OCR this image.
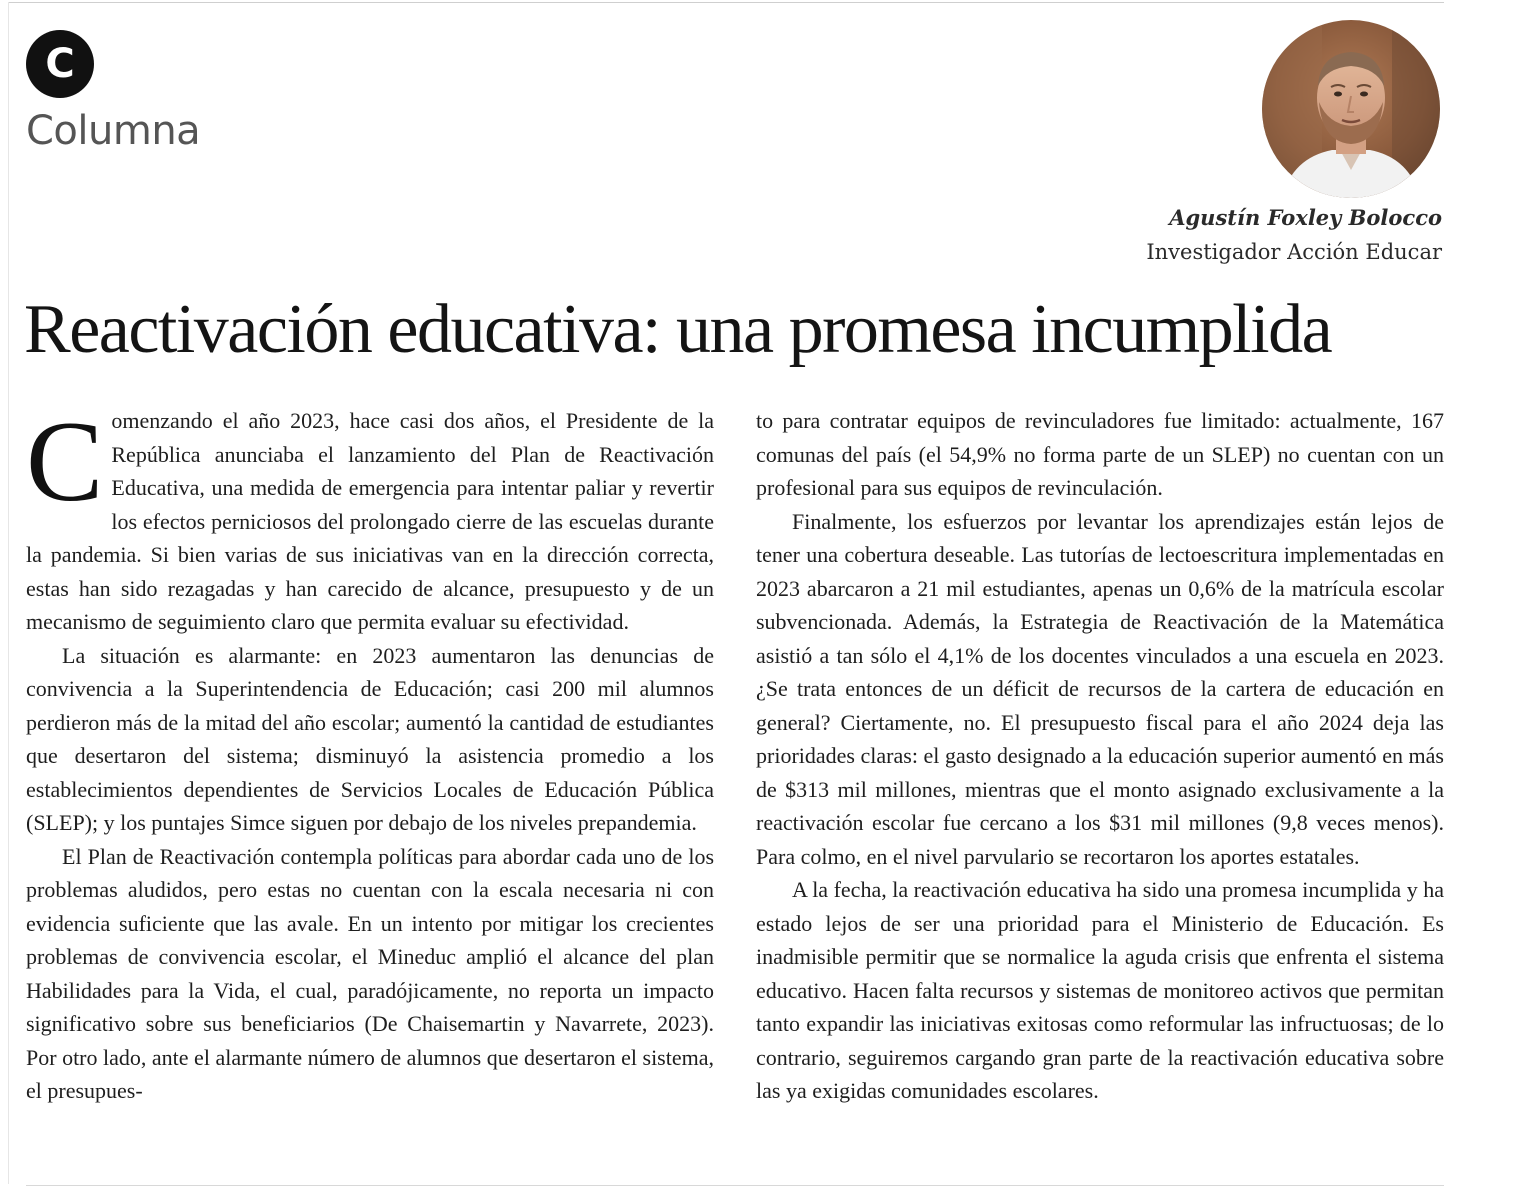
C
Columna
Agustín Foxley Bolocco
Investigador Acción Educar
Reactivación educativa: una promesa incumplida

Comenzando el año 2023, hace casi dos años, el Presidente de la República anunciaba el lanzamiento del Plan de Reactivación Educativa, una medida de emergencia para intentar paliar y revertir los efectos perniciosos del prolongado cierre de las escuelas durante la pandemia. Si bien varias de sus iniciativas van en la dirección correcta, estas han sido rezagadas y han carecido de alcance, presupuesto y de un mecanismo de seguimiento claro que permita evaluar su efectividad.

La situación es alarmante: en 2023 aumentaron las denuncias de convivencia a la Superintendencia de Educación; casi 200 mil alumnos perdieron más de la mitad del año escolar; aumentó la cantidad de estudiantes que desertaron del sistema; disminuyó la asistencia promedio a los establecimientos dependientes de Servicios Locales de Educación Pública (SLEP); y los puntajes Simce siguen por debajo de los niveles prepandemia.

El Plan de Reactivación contempla políticas para abordar cada uno de los problemas aludidos, pero estas no cuentan con la escala necesaria ni con evidencia suficiente que las avale. En un intento por mitigar los crecientes problemas de convivencia escolar, el Mineduc amplió el alcance del plan Habilidades para la Vida, el cual, paradójicamente, no reporta un impacto significativo sobre sus beneficiarios (De Chaisemartin y Navarrete, 2023). Por otro lado, ante el alarmante número de alumnos que desertaron el sistema, el presupues-

to para contratar equipos de revinculadores fue limitado: actualmente, 167 comunas del país (el 54,9% no forma parte de un SLEP) no cuentan con un profesional para sus equipos de revinculación.

Finalmente, los esfuerzos por levantar los aprendizajes están lejos de tener una cobertura deseable. Las tutorías de lectoescritura implementadas en 2023 abarcaron a 21 mil estudiantes, apenas un 0,6% de la matrícula escolar subvencionada. Además, la Estrategia de Reactivación de la Matemática asistió a tan sólo el 4,1% de los docentes vinculados a una escuela en 2023. ¿Se trata entonces de un déficit de recursos de la cartera de educación en general? Ciertamente, no. El presupuesto fiscal para el año 2024 deja las prioridades claras: el gasto designado a la educación superior aumentó en más de $313 mil millones, mientras que el monto asignado exclusivamente a la reactivación escolar fue cercano a los $31 mil millones (9,8 veces menos). Para colmo, en el nivel parvulario se recortaron los aportes estatales.

A la fecha, la reactivación educativa ha sido una promesa incumplida y ha estado lejos de ser una prioridad para el Ministerio de Educación. Es inadmisible permitir que se normalice la aguda crisis que enfrenta el sistema educativo. Hacen falta recursos y sistemas de monitoreo activos que permitan tanto expandir las iniciativas exitosas como reformular las infructuosas; de lo contrario, seguiremos cargando gran parte de la reactivación educativa sobre las ya exigidas comunidades escolares.
